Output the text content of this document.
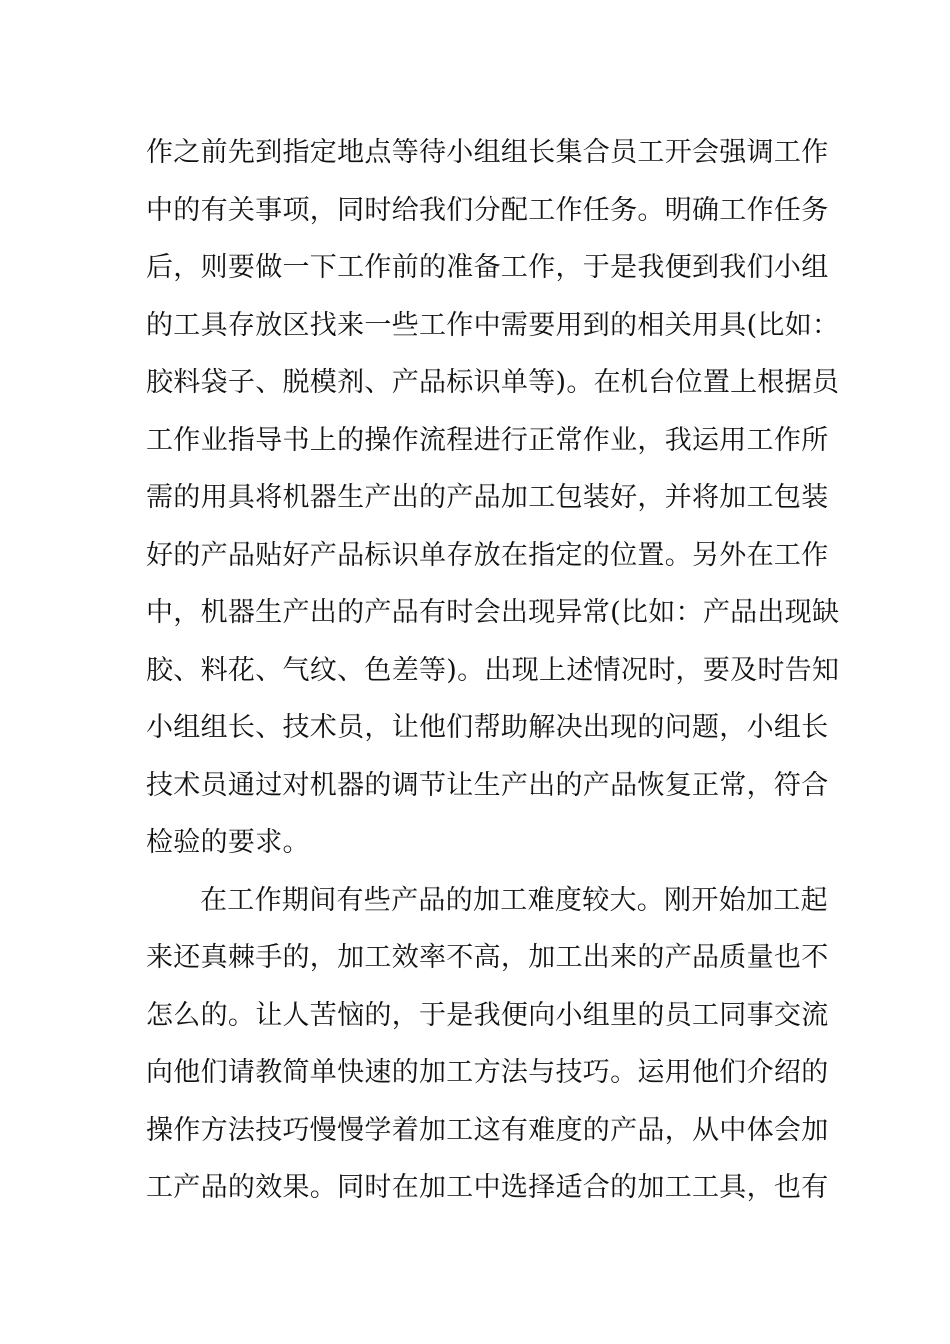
作之前先到指定地点等待小组组长集合员工开会强调工作
中的有关事项，同时给我们分配工作任务。明确工作任务
后，则要做一下工作前的准备工作，于是我便到我们小组
的工具存放区找来一些工作中需要用到的相关用具(比如：
胶料袋子、脱模剂、产品标识单等)。在机台位置上根据员
工作业指导书上的操作流程进行正常作业，我运用工作所
需的用具将机器生产出的产品加工包装好，并将加工包装
好的产品贴好产品标识单存放在指定的位置。另外在工作
中，机器生产出的产品有时会出现异常(比如：产品出现缺
胶、料花、气纹、色差等)。出现上述情况时，要及时告知
小组组长、技术员，让他们帮助解决出现的问题，小组长
技术员通过对机器的调节让生产出的产品恢复正常，符合
检验的要求。
在工作期间有些产品的加工难度较大。刚开始加工起
来还真棘手的，加工效率不高，加工出来的产品质量也不
怎么的。让人苦恼的，于是我便向小组里的员工同事交流
向他们请教简单快速的加工方法与技巧。运用他们介绍的
操作方法技巧慢慢学着加工这有难度的产品，从中体会加
工产品的效果。同时在加工中选择适合的加工工具，也有
